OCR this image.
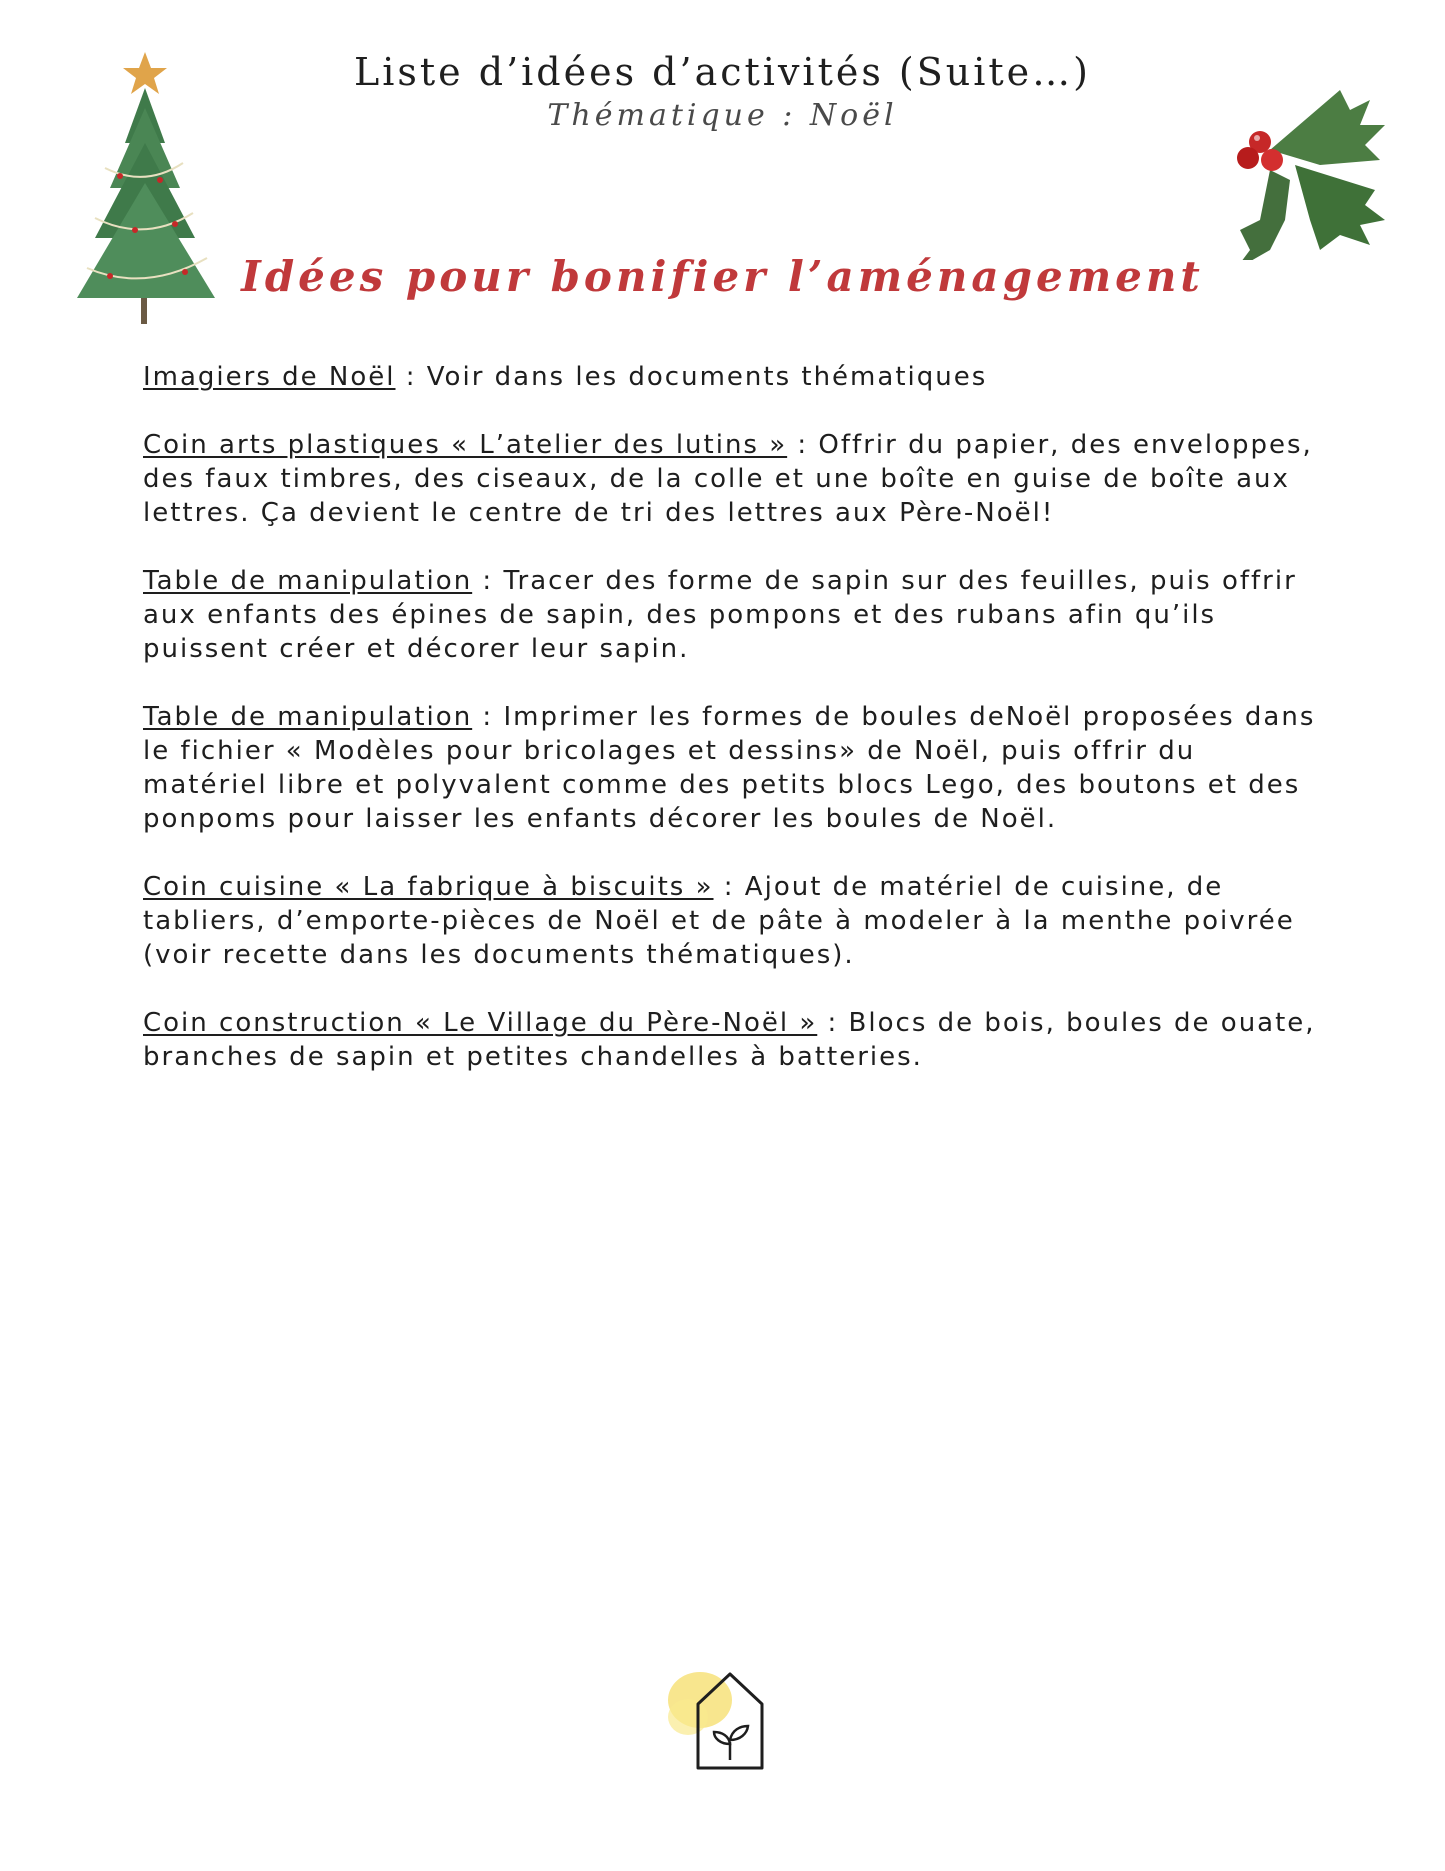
Liste d’idées d’activités (Suite…)
Thématique : Noël
Idées pour bonifier l’aménagement

Imagiers de Noël : Voir dans les documents thématiques

Coin arts plastiques « L’atelier des lutins » : Offrir du papier, des enveloppes, des faux timbres, des ciseaux, de la colle et une boîte en guise de boîte aux lettres. Ça devient le centre de tri des lettres aux Père-Noël!

Table de manipulation : Tracer des forme de sapin sur des feuilles, puis offrir aux enfants des épines de sapin, des pompons et des rubans afin qu’ils puissent créer et décorer leur sapin.

Table de manipulation : Imprimer les formes de boules deNoël proposées dans le fichier « Modèles pour bricolages et dessins» de Noël, puis offrir du matériel libre et polyvalent comme des petits blocs Lego, des boutons et des ponpoms pour laisser les enfants décorer les boules de Noël.

Coin cuisine « La fabrique à biscuits » : Ajout de matériel de cuisine, de tabliers, d’emporte-pièces de Noël et de pâte à modeler à la menthe poivrée (voir recette dans les documents thématiques).

Coin construction « Le Village du Père-Noël » : Blocs de bois, boules de ouate, branches de sapin et petites chandelles à batteries.
